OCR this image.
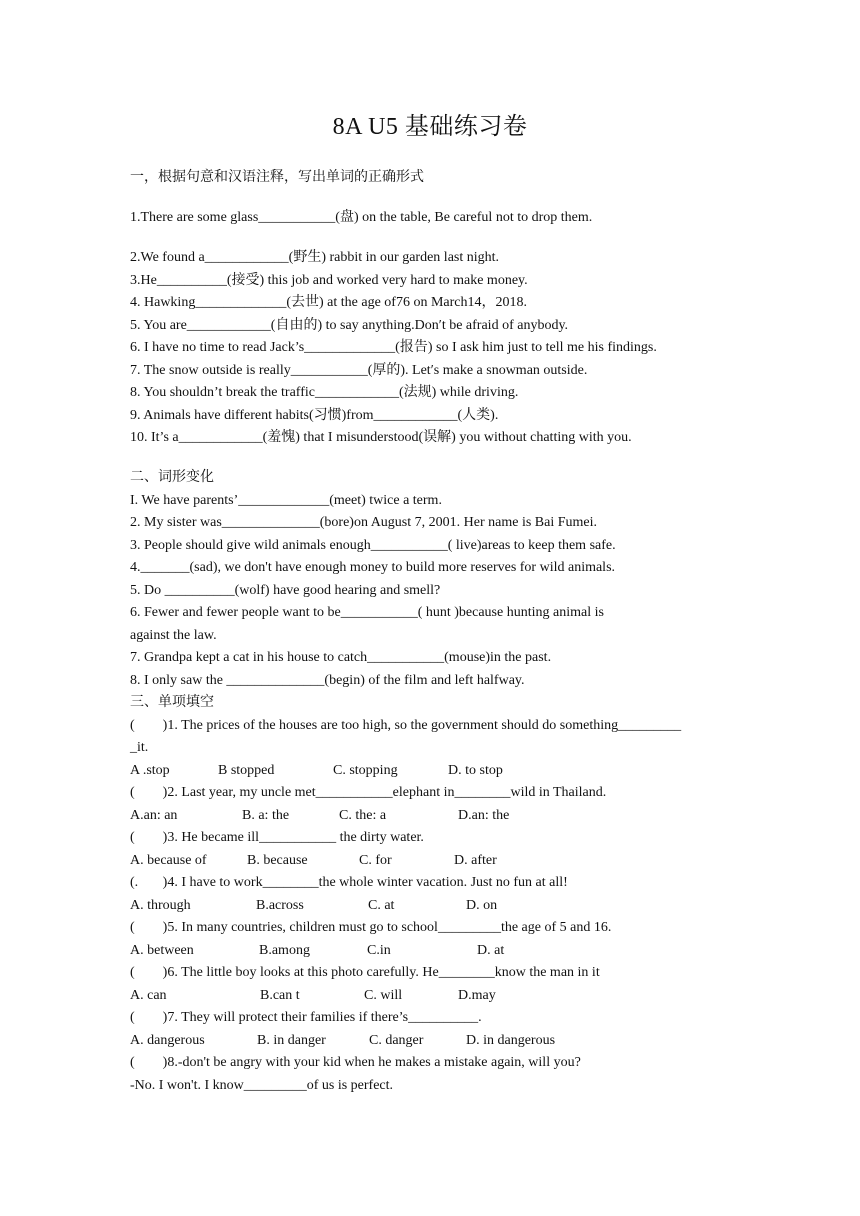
8A U5 基础练习卷
一，根据句意和汉语注释，写出单词的正确形式
1.There are some glass___________(盘) on the table, Be careful not to drop them.
2.We found a____________(野生) rabbit in our garden last night.
3.He__________(接受) this job and worked very hard to make money.
4. Hawking_____________(去世) at the age of76 on March14，2018.
5. You are____________(自由的) to say anything.Don′t be afraid of anybody.
6. I have no time to read Jack’s_____________(报告) so I ask him just to tell me his findings.
7. The snow outside is really___________(厚的). Let′s make a snowman outside.
8. You shouldn’t break the traffic____________(法规) while driving.
9. Animals have different habits(习惯)from____________(人类).
10. It’s a____________(羞愧) that I misunderstood(误解) you without chatting with you.
二、词形变化
I. We have parents’_____________(meet) twice a term.
2. My sister was______________(bore)on August 7, 2001. Her name is Bai Fumei.
3. People should give wild animals enough___________( live)areas to keep them safe.
4._______(sad), we don't have enough money to build more reserves for wild animals.
5. Do __________(wolf) have good hearing and smell?
6. Fewer and fewer people want to be___________( hunt )because hunting animal is
against the law.
7. Grandpa kept a cat in his house to catch___________(mouse)in the past.
8. I only saw the ______________(begin) of the film and left halfway.
三、单项填空
(        )1. The prices of the houses are too high, so the government should do something_________
_it.
A .stop	B stopped	C. stopping	D. to stop
(        )2. Last year, my uncle met___________elephant in________wild in Thailand.
A.an: an	B. a: the	C. the: a	D.an: the
(        )3. He became ill___________ the dirty water.
A. because of	B. because	C. for	D. after
(.       )4. I have to work________the whole winter vacation. Just no fun at all!
A. through	B.across	C. at	D. on
(        )5. In many countries, children must go to school_________the age of 5 and 16.
A. between	B.among	C.in	D. at
(        )6. The little boy looks at this photo carefully. He________know the man in it
A. can	B.can t	C. will	D.may
(        )7. They will protect their families if there’s__________.
A. dangerous	B. in danger	C. danger	D. in dangerous
(        )8.-don't be angry with your kid when he makes a mistake again, will you?
-No. I won't. I know_________of us is perfect.
